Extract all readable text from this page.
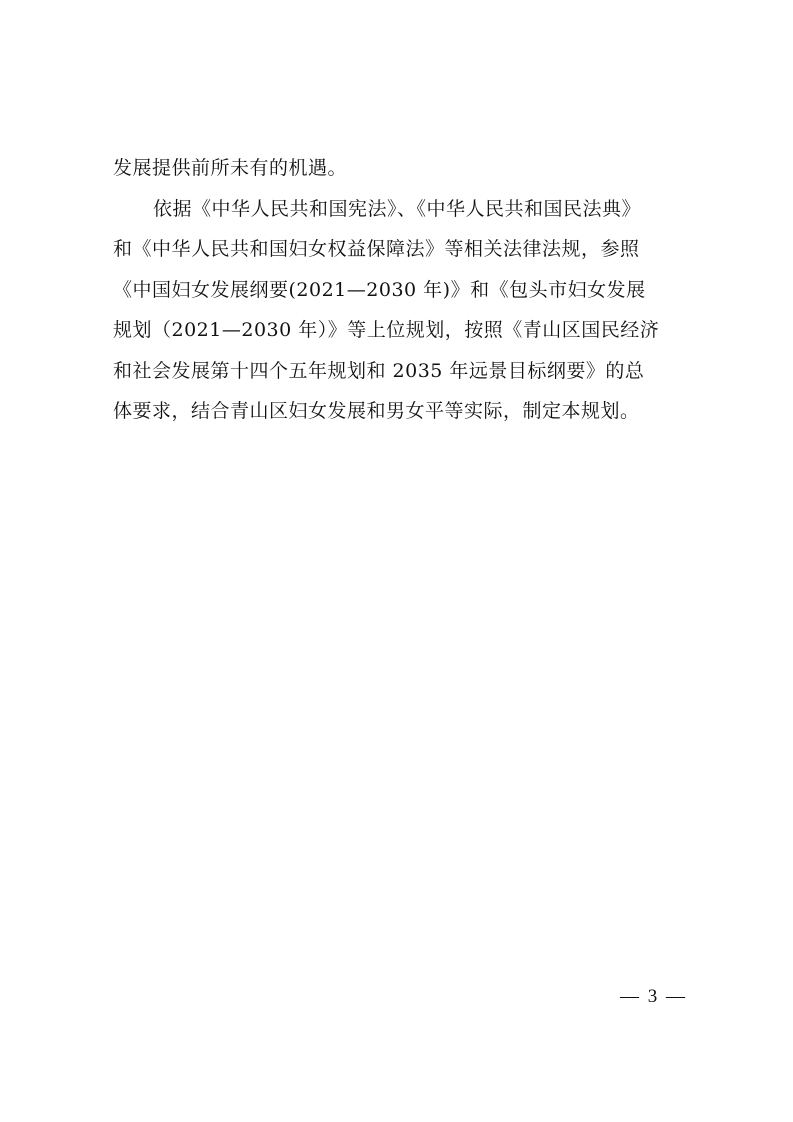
发展提供前所未有的机遇。
依据《中华人民共和国宪法》、《中华人民共和国民法典》
和《中华人民共和国妇女权益保障法》等相关法律法规，参照
《中国妇女发展纲要(2021—2030 年)》和《包头市妇女发展
规划（2021—2030 年）》等上位规划，按照《青山区国民经济
和社会发展第十四个五年规划和 2035 年远景目标纲要》的总
体要求，结合青山区妇女发展和男女平等实际，制定本规划。
— 3 —
